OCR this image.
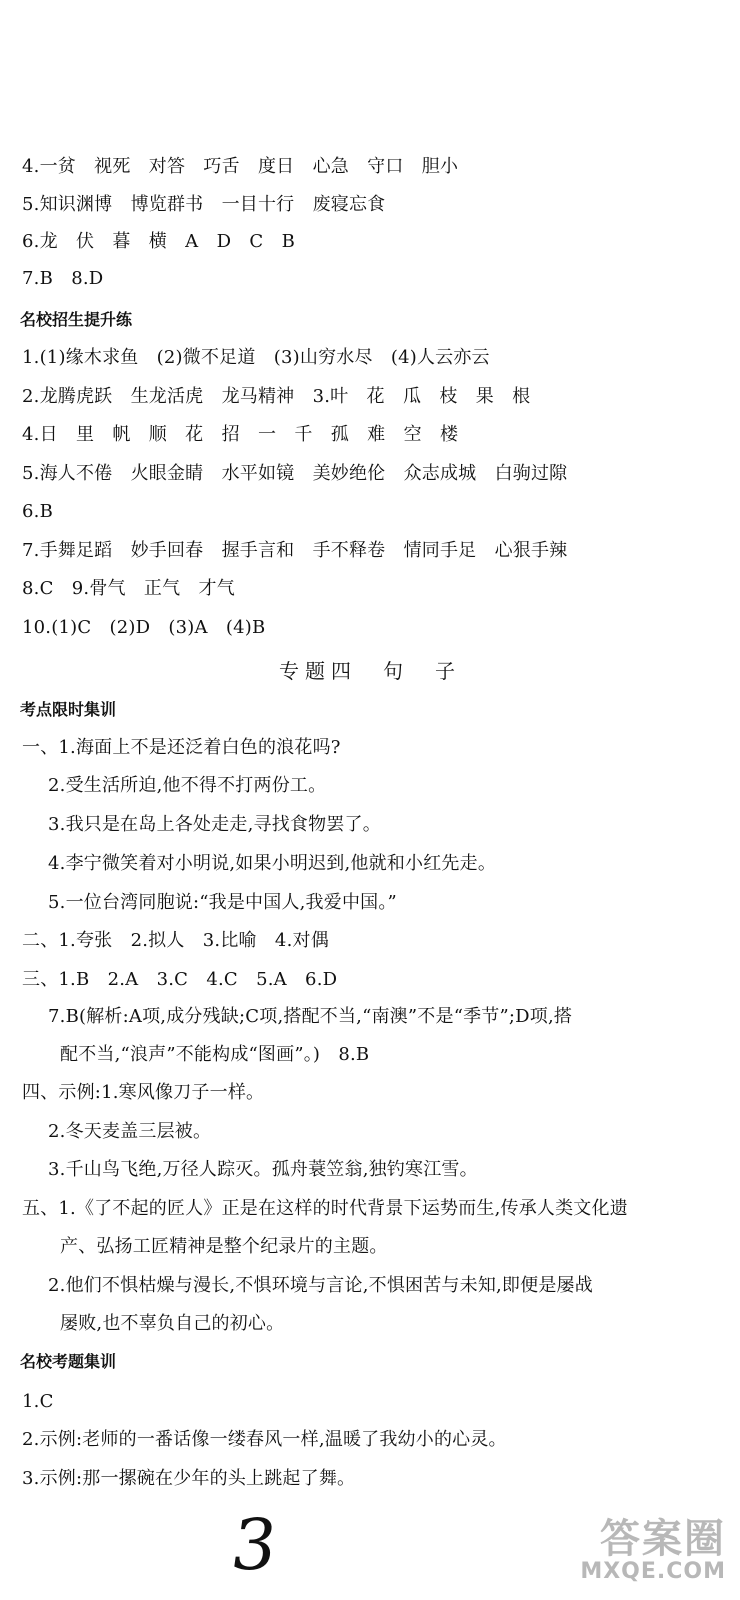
4.一贫　视死　对答　巧舌　度日　心急　守口　胆小
5.知识渊博　博览群书　一目十行　废寝忘食
6.龙　伏　暮　横　A　D　C　B
7.B　8.D
名校招生提升练
1.(1)缘木求鱼　(2)微不足道　(3)山穷水尽　(4)人云亦云
2.龙腾虎跃　生龙活虎　龙马精神　3.叶　花　瓜　枝　果　根
4.日　里　帆　顺　花　招　一　千　孤　难　空　楼
5.海人不倦　火眼金睛　水平如镜　美妙绝伦　众志成城　白驹过隙
6.B
7.手舞足蹈　妙手回春　握手言和　手不释卷　情同手足　心狠手辣
8.C　9.骨气　正气　才气
10.(1)C　(2)D　(3)A　(4)B
专题四　句　子
考点限时集训
一、1.海面上不是还泛着白色的浪花吗?
2.受生活所迫,他不得不打两份工。
3.我只是在岛上各处走走,寻找食物罢了。
4.李宁微笑着对小明说,如果小明迟到,他就和小红先走。
5.一位台湾同胞说:“我是中国人,我爱中国。”
二、1.夸张　2.拟人　3.比喻　4.对偶
三、1.B　2.A　3.C　4.C　5.A　6.D
7.B(解析:A项,成分残缺;C项,搭配不当,“南澳”不是“季节”;D项,搭
配不当,“浪声”不能构成“图画”。)　8.B
四、示例:1.寒风像刀子一样。
2.冬天麦盖三层被。
3.千山鸟飞绝,万径人踪灭。孤舟蓑笠翁,独钓寒江雪。
五、1.《了不起的匠人》正是在这样的时代背景下运势而生,传承人类文化遗
产、弘扬工匠精神是整个纪录片的主题。
2.他们不惧枯燥与漫长,不惧环境与言论,不惧困苦与未知,即便是屡战
屡败,也不辜负自己的初心。
名校考题集训
1.C
2.示例:老师的一番话像一缕春风一样,温暖了我幼小的心灵。
3.示例:那一摞碗在少年的头上跳起了舞。
3	答案圈
MXQE.COM
